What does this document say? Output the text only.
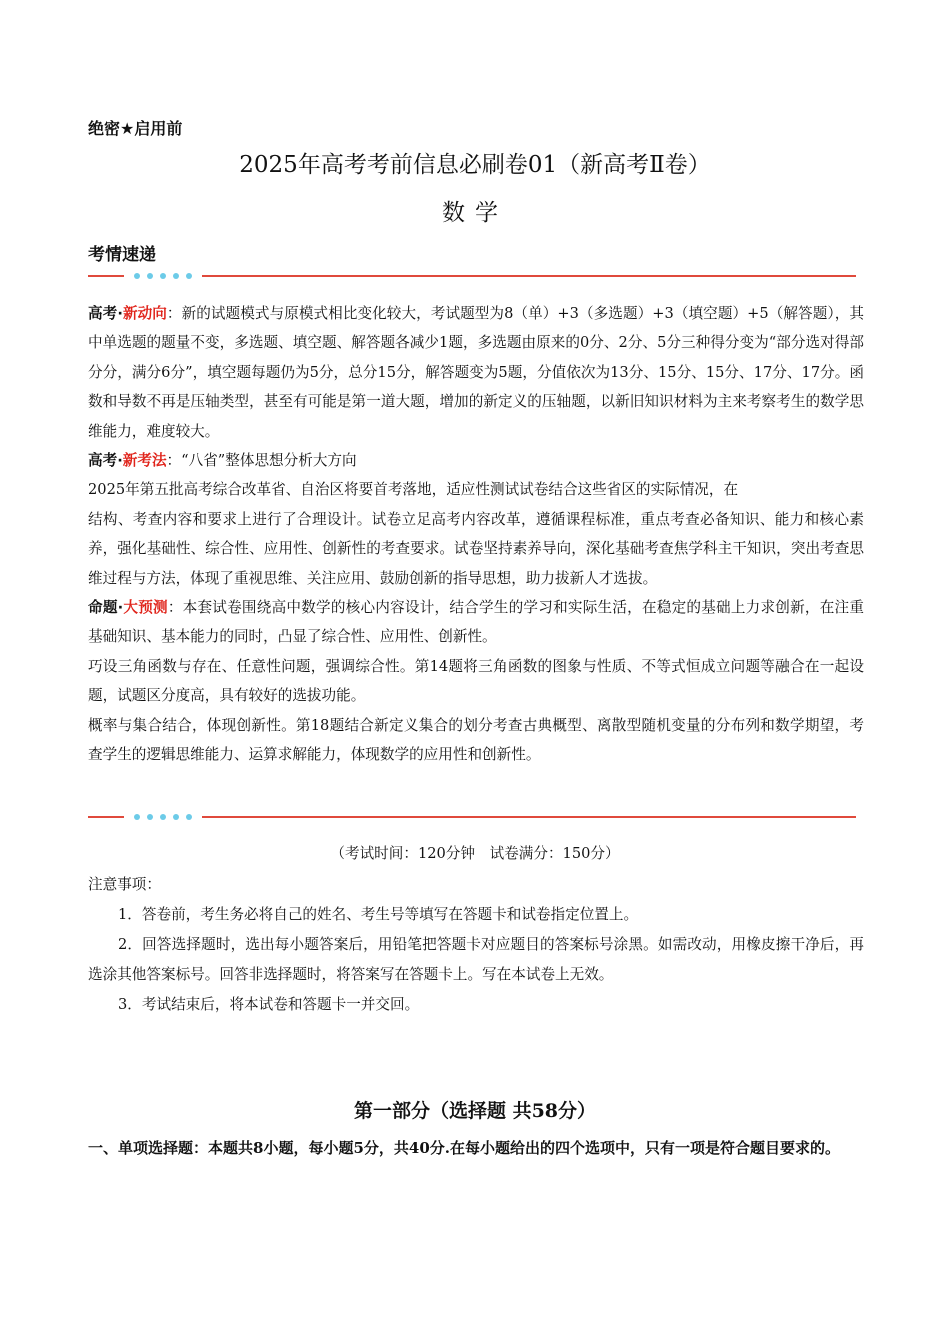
绝密★启用前
2025年高考考前信息必刷卷01（新高考Ⅱ卷）
数学
考情速递

高考·新动向：新的试题模式与原模式相比变化较大，考试题型为8（单）+3（多选题）+3（填空题）+5（解答题），其中单选题的题量不变，多选题、填空题、解答题各减少1题，多选题由原来的0分、2分、5分三种得分变为“部分选对得部分分，满分6分”，填空题每题仍为5分，总分15分，解答题变为5题，分值依次为13分、15分、15分、17分、17分。函数和导数不再是压轴类型，甚至有可能是第一道大题，增加的新定义的压轴题，以新旧知识材料为主来考察考生的数学思维能力，难度较大。

高考·新考法：“八省”整体思想分析大方向

2025年第五批高考综合改革省、自治区将要首考落地，适应性测试试卷结合这些省区的实际情况，在

结构、考查内容和要求上进行了合理设计。试卷立足高考内容改革，遵循课程标准，重点考查必备知识、能力和核心素养，强化基础性、综合性、应用性、创新性的考查要求。试卷坚持素养导向，深化基础考查焦学科主干知识，突出考查思维过程与方法，体现了重视思维、关注应用、鼓励创新的指导思想，助力拔新人才选拔。

命题·大预测：本套试卷围绕高中数学的核心内容设计，结合学生的学习和实际生活，在稳定的基础上力求创新，在注重基础知识、基本能力的同时，凸显了综合性、应用性、创新性。

巧设三角函数与存在、任意性问题，强调综合性。第14题将三角函数的图象与性质、不等式恒成立问题等融合在一起设题，试题区分度高，具有较好的选拔功能。

概率与集合结合，体现创新性。第18题结合新定义集合的划分考查古典概型、离散型随机变量的分布列和数学期望，考查学生的逻辑思维能力、运算求解能力，体现数学的应用性和创新性。

（考试时间：120分钟　试卷满分：150分）

注意事项：

1．答卷前，考生务必将自己的姓名、考生号等填写在答题卡和试卷指定位置上。

2．回答选择题时，选出每小题答案后，用铅笔把答题卡对应题目的答案标号涂黑。如需改动，用橡皮擦干净后，再选涂其他答案标号。回答非选择题时，将答案写在答题卡上。写在本试卷上无效。

3．考试结束后，将本试卷和答题卡一并交回。

第一部分（选择题 共58分）

一、单项选择题：本题共8小题，每小题5分，共40分.在每小题给出的四个选项中，只有一项是符合题目要求的。
